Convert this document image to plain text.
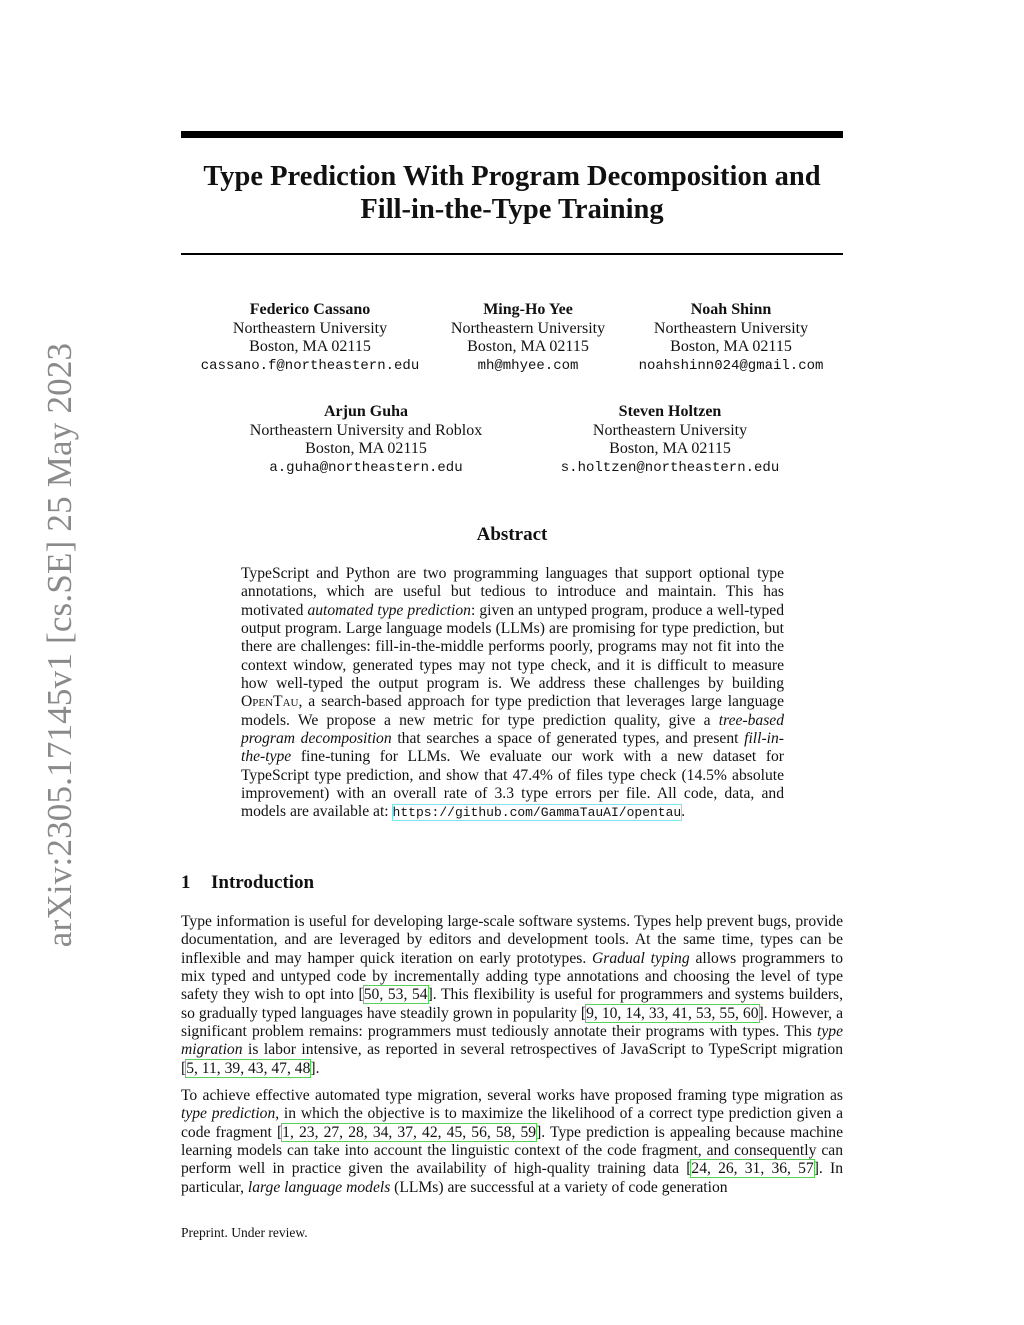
arXiv:2305.17145v1 [cs.SE] 25 May 2023
Type Prediction With Program Decomposition and
Fill-in-the-Type Training
Federico Cassano
Northeastern University
Boston, MA 02115
cassano.f@northeastern.edu
Ming-Ho Yee
Northeastern University
Boston, MA 02115
mh@mhyee.com
Noah Shinn
Northeastern University
Boston, MA 02115
noahshinn024@gmail.com
Arjun Guha
Northeastern University and Roblox
Boston, MA 02115
a.guha@northeastern.edu
Steven Holtzen
Northeastern University
Boston, MA 02115
s.holtzen@northeastern.edu
Abstract

TypeScript and Python are two programming languages that support optional type annotations, which are useful but tedious to introduce and maintain. This has motivated automated type prediction: given an untyped program, produce a well-typed output program. Large language models (LLMs) are promising for type prediction, but there are challenges: fill-in-the-middle performs poorly, programs may not fit into the context window, generated types may not type check, and it is difficult to measure how well-typed the output program is. We address these challenges by building OpenTau, a search-based approach for type prediction that leverages large language models. We propose a new metric for type prediction quality, give a tree-based program decomposition that searches a space of generated types, and present fill-in-the-type fine-tuning for LLMs. We evaluate our work with a new dataset for TypeScript type prediction, and show that 47.4% of files type check (14.5% absolute improvement) with an overall rate of 3.3 type errors per file. All code, data, and models are available at: https://github.com/GammaTauAI/opentau.

1 Introduction

Type information is useful for developing large-scale software systems. Types help prevent bugs, provide documentation, and are leveraged by editors and development tools. At the same time, types can be inflexible and may hamper quick iteration on early prototypes. Gradual typing allows programmers to mix typed and untyped code by incrementally adding type annotations and choosing the level of type safety they wish to opt into [50, 53, 54]. This flexibility is useful for programmers and systems builders, so gradually typed languages have steadily grown in popularity [9, 10, 14, 33, 41, 53, 55, 60]. However, a significant problem remains: programmers must tediously annotate their programs with types. This type migration is labor intensive, as reported in several retrospectives of JavaScript to TypeScript migration [5, 11, 39, 43, 47, 48].

To achieve effective automated type migration, several works have proposed framing type migration as type prediction, in which the objective is to maximize the likelihood of a correct type prediction given a code fragment [1, 23, 27, 28, 34, 37, 42, 45, 56, 58, 59]. Type prediction is appealing because machine learning models can take into account the linguistic context of the code fragment, and consequently can perform well in practice given the availability of high-quality training data [24, 26, 31, 36, 57]. In particular, large language models (LLMs) are successful at a variety of code generation

Preprint. Under review.
